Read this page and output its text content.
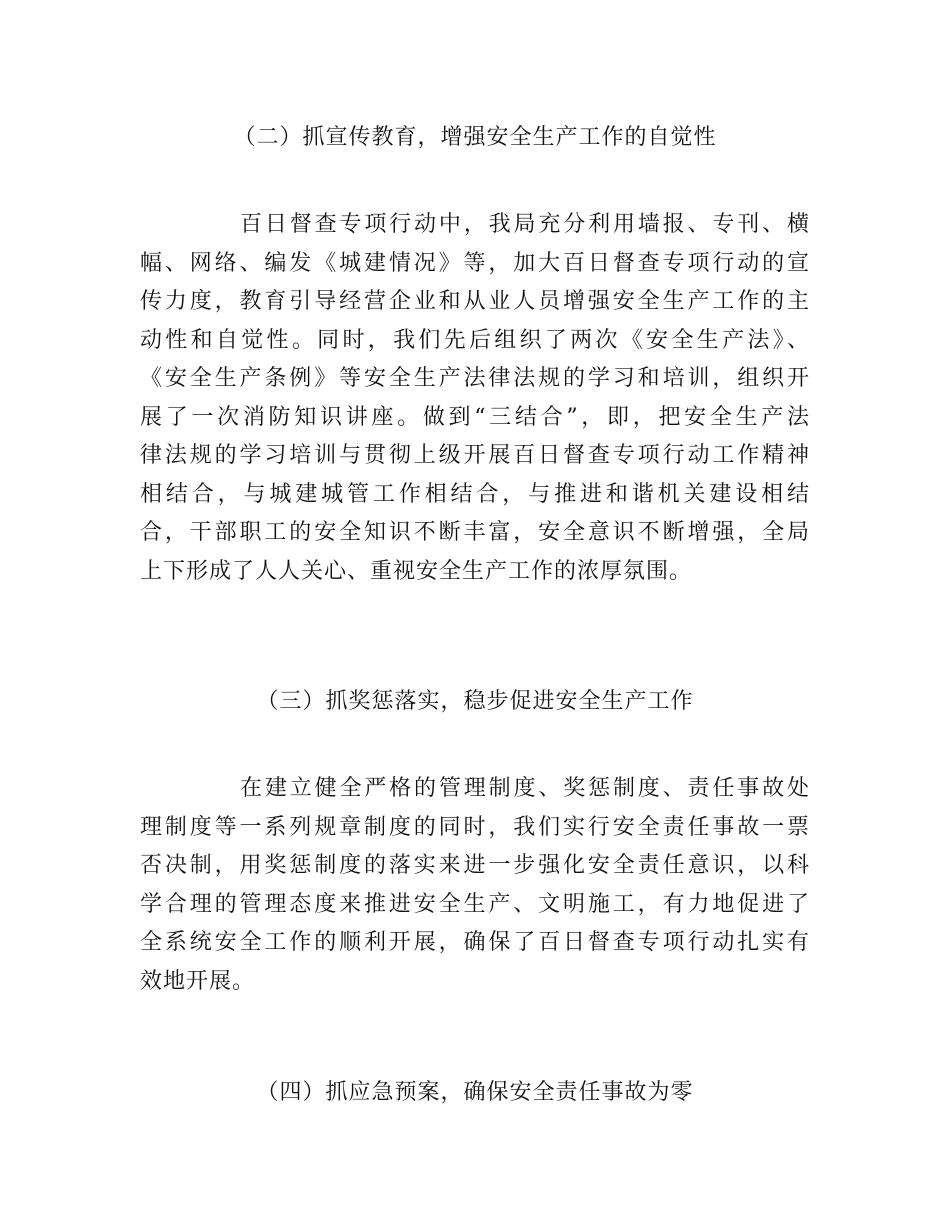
（二）抓宣传教育，增强安全生产工作的自觉性
百日督查专项行动中，我局充分利用墙报、专刊、横
幅、网络、编发《城建情况》等，加大百日督查专项行动的宣
传力度，教育引导经营企业和从业人员增强安全生产工作的主
动性和自觉性。同时，我们先后组织了两次《安全生产法》、
《安全生产条例》等安全生产法律法规的学习和培训，组织开
展了一次消防知识讲座。做到“三结合”，即，把安全生产法
律法规的学习培训与贯彻上级开展百日督查专项行动工作精神
相结合，与城建城管工作相结合，与推进和谐机关建设相结
合，干部职工的安全知识不断丰富，安全意识不断增强，全局
上下形成了人人关心、重视安全生产工作的浓厚氛围。
（三）抓奖惩落实，稳步促进安全生产工作
在建立健全严格的管理制度、奖惩制度、责任事故处
理制度等一系列规章制度的同时，我们实行安全责任事故一票
否决制，用奖惩制度的落实来进一步强化安全责任意识，以科
学合理的管理态度来推进安全生产、文明施工，有力地促进了
全系统安全工作的顺利开展，确保了百日督查专项行动扎实有
效地开展。
（四）抓应急预案，确保安全责任事故为零
